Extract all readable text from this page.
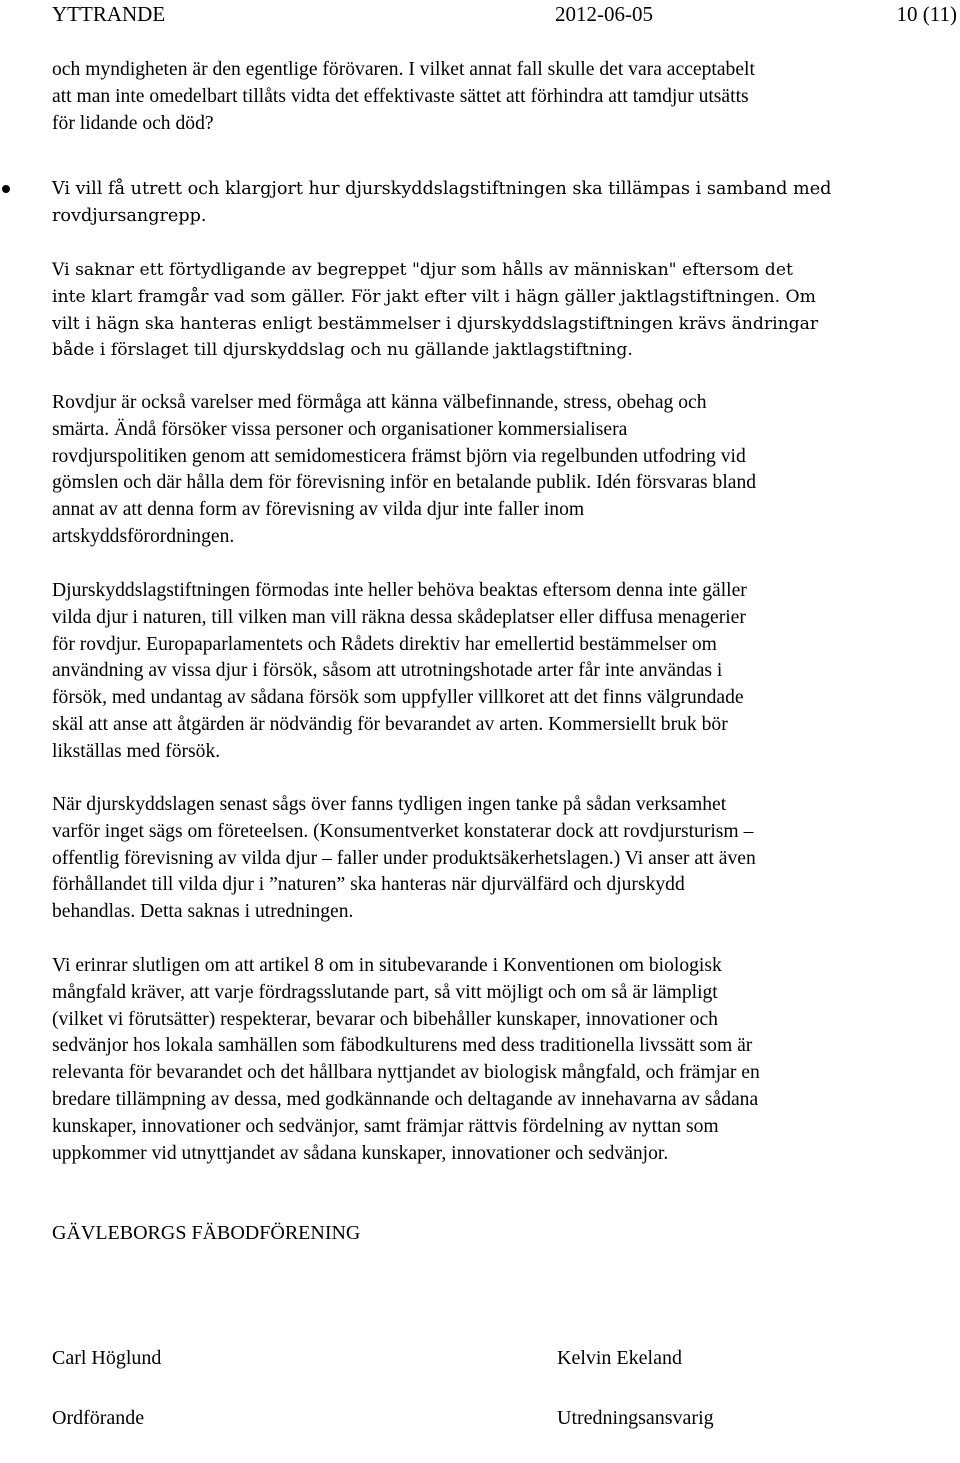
YTTRANDE	2012-06-05	10 (11)
och myndigheten är den egentlige förövaren. I vilket annat fall skulle det vara acceptabelt
att man inte omedelbart tillåts vidta det effektivaste sättet att förhindra att tamdjur utsätts
för lidande och död?
Vi vill få utrett och klargjort hur djurskyddslagstiftningen ska tillämpas i samband med
rovdjursangrepp.
Vi saknar ett förtydligande av begreppet "djur som hålls av människan" eftersom det
inte klart framgår vad som gäller. För jakt efter vilt i hägn gäller jaktlagstiftningen. Om
vilt i hägn ska hanteras enligt bestämmelser i djurskyddslagstiftningen krävs ändringar
både i förslaget till djurskyddslag och nu gällande jaktlagstiftning.
Rovdjur är också varelser med förmåga att känna välbefinnande, stress, obehag och
smärta. Ändå försöker vissa personer och organisationer kommersialisera
rovdjurspolitiken genom att semidomesticera främst björn via regelbunden utfodring vid
gömslen och där hålla dem för förevisning inför en betalande publik. Idén försvaras bland
annat av att denna form av förevisning av vilda djur inte faller inom
artskyddsförordningen.
Djurskyddslagstiftningen förmodas inte heller behöva beaktas eftersom denna inte gäller
vilda djur i naturen, till vilken man vill räkna dessa skådeplatser eller diffusa menagerier
för rovdjur. Europaparlamentets och Rådets direktiv har emellertid bestämmelser om
användning av vissa djur i försök, såsom att utrotningshotade arter får inte användas i
försök, med undantag av sådana försök som uppfyller villkoret att det finns välgrundade
skäl att anse att åtgärden är nödvändig för bevarandet av arten. Kommersiellt bruk bör
likställas med försök.
När djurskyddslagen senast sågs över fanns tydligen ingen tanke på sådan verksamhet
varför inget sägs om företeelsen. (Konsumentverket konstaterar dock att rovdjursturism –
offentlig förevisning av vilda djur – faller under produktsäkerhetslagen.) Vi anser att även
förhållandet till vilda djur i ”naturen” ska hanteras när djurvälfärd och djurskydd
behandlas. Detta saknas i utredningen.
Vi erinrar slutligen om att artikel 8 om in situbevarande i Konventionen om biologisk
mångfald kräver, att varje fördragsslutande part, så vitt möjligt och om så är lämpligt
(vilket vi förutsätter) respekterar, bevarar och bibehåller kunskaper, innovationer och
sedvänjor hos lokala samhällen som fäbodkulturens med dess traditionella livssätt som är
relevanta för bevarandet och det hållbara nyttjandet av biologisk mångfald, och främjar en
bredare tillämpning av dessa, med godkännande och deltagande av innehavarna av sådana
kunskaper, innovationer och sedvänjor, samt främjar rättvis fördelning av nyttan som
uppkommer vid utnyttjandet av sådana kunskaper, innovationer och sedvänjor.
GÄVLEBORGS FÄBODFÖRENING

Carl Höglund

Ordförande

Kelvin Ekeland

Utredningsansvarig
